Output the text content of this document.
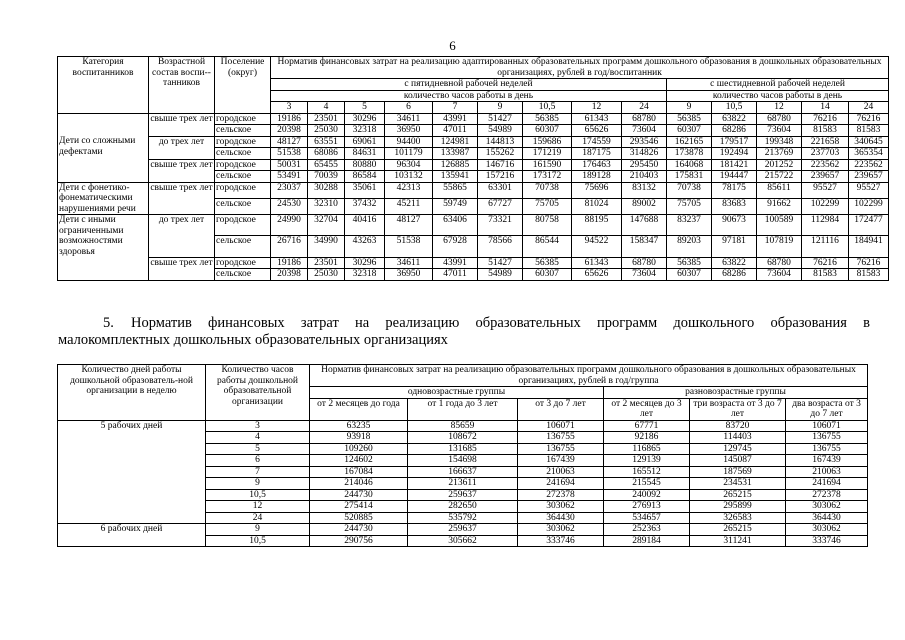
6
Категория воспитанников	Возрастной состав воспи-танников	Поселение (округ)	Норматив финансовых затрат на реализацию адаптированных образовательных программ дошкольного образования в дошкольных образовательных организациях, рублей в год/воспитанник													
			с пятидневной рабочей неделей									с шестидневной рабочей неделей				
			количество часов работы в день									количество часов работы в день				
			3	4	5	6	7	9	10,5	12	24	9	10,5	12	14	24
	свыше трех лет	городское	19186	23501	30296	34611	43991	51427	56385	61343	68780	56385	63822	68780	76216	76216
		сельское	20398	25030	32318	36950	47011	54989	60307	65626	73604	60307	68286	73604	81583	81583
Дети со сложными дефектами	до трех лет	городское	48127	63551	69061	94400	124981	144813	159686	174559	293546	162165	179517	199348	221658	340645
		сельское	51538	68086	84631	101179	133987	155262	171219	187175	314826	173878	192494	213769	237703	365354
	свыше трех лет	городское	50031	65455	80880	96304	126885	146716	161590	176463	295450	164068	181421	201252	223562	223562
		сельское	53491	70039	86584	103132	135941	157216	173172	189128	210403	175831	194447	215722	239657	239657
Дети с фонетико-фонематическими нарушениями речи	свыше трех лет	городское	23037	30288	35061	42313	55865	63301	70738	75696	83132	70738	78175	85611	95527	95527
		сельское	24530	32310	37432	45211	59749	67727	75705	81024	89002	75705	83683	91662	102299	102299
Дети с иными ограниченными возможностями здоровья	до трех лет	городское	24990	32704	40416	48127	63406	73321	80758	88195	147688	83237	90673	100589	112984	172477
		сельское	26716	34990	43263	51538	67928	78566	86544	94522	158347	89203	97181	107819	121116	184941
	свыше трех лет	городское	19186	23501	30296	34611	43991	51427	56385	61343	68780	56385	63822	68780	76216	76216
		сельское	20398	25030	32318	36950	47011	54989	60307	65626	73604	60307	68286	73604	81583	81583
5. Норматив финансовых затрат на реализацию образовательных программ дошкольного образования в малокомплектных дошкольных образовательных организациях
Количество дней работы дошкольной образователь-ной организации в неделю	Количество часов работы дошкольной образовательной организации	Норматив финансовых затрат на реализацию образовательных программ дошкольного образования в дошкольных образовательных организациях, рублей в год/группа					
		одновозрастные группы			разновозрастные группы		
		от 2 месяцев до года	от 1 года до 3 лет	от 3 до 7 лет	от 2 месяцев до 3 лет	три возраста от 3 до 7 лет	два возраста от 3 до 7 лет

5 рабочих дней	3	63235	85659	106071	67771	83720	106071
	4	93918	108672	136755	92186	114403	136755
	5	109260	131685	136755	116865	129745	136755
	6	124602	154698	167439	129139	145087	167439
	7	167084	166637	210063	165512	187569	210063
	9	214046	213611	241694	215545	234531	241694
	10,5	244730	259637	272378	240092	265215	272378
	12	275414	282650	303062	276913	295899	303062
	24	520885	535792	364430	534657	326583	364430
6 рабочих дней	9	244730	259637	303062	252363	265215	303062
	10,5	290756	305662	333746	289184	311241	333746
